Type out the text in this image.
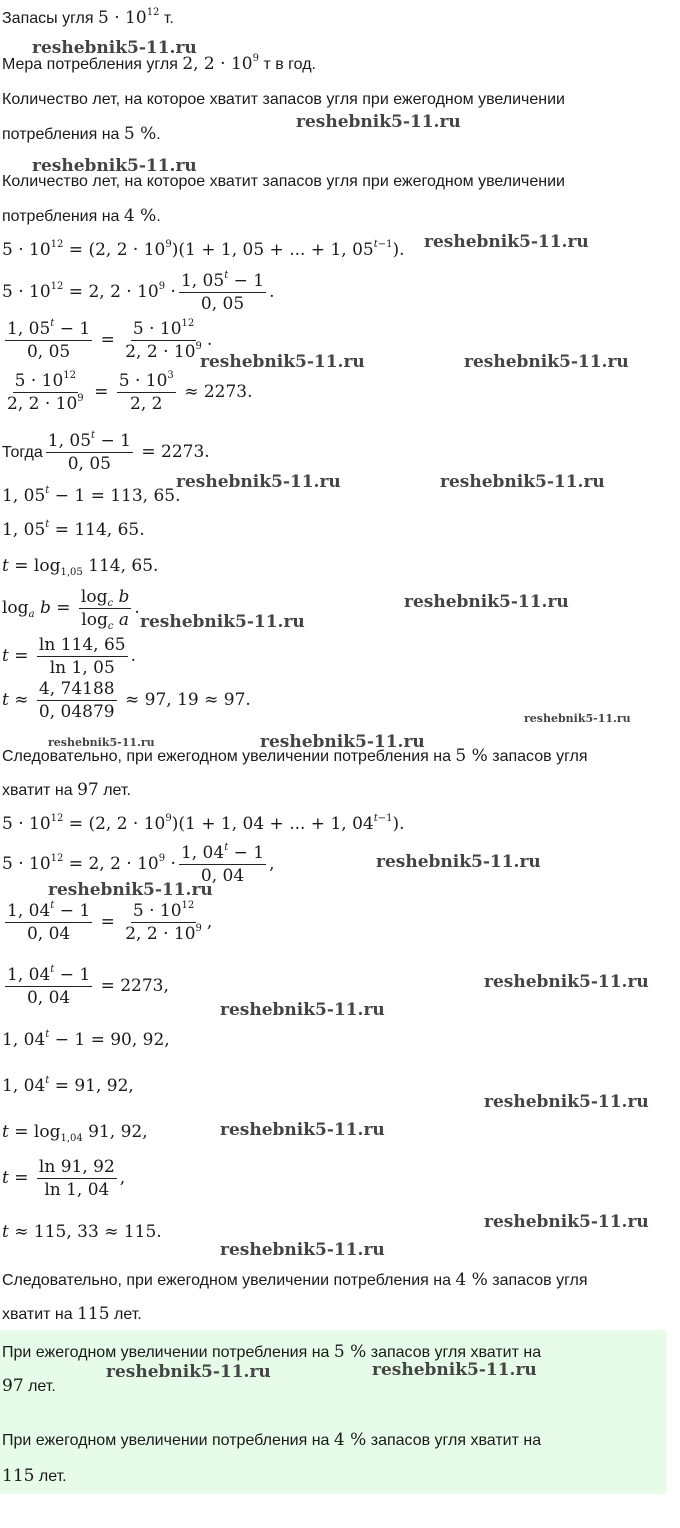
Запасы угля $5 \cdot 10^{12}$ т.
Мера потребления угля 2, $2 \cdot 10^9$ т в год.
Количество лет, на которое хватит запасов угля при ежегодном увеличении
потребления на 5 %.
Количество лет, на которое хватит запасов угля при ежегодном увеличении
потребления на 4 %.
$5 \cdot 10^{12} = (2$, $2 \cdot 10^9)(1 + 1$, 05 + ... + 1, $05^{t-1}$).
$5 \cdot 10^{12} = 2$, $2 \cdot 10^9 \cdot \frac{1, 05^t - 1}{0, 05}$ .
$\frac{1, 05^t - 1}{0, 05} = \frac{5 \cdot 10^{12}}{2, 2 \cdot 10^9}$ .
$\frac{5 \cdot 10^{12}}{2, 2 \cdot 10^9} = \frac{5 \cdot 10^3}{2, 2} \approx 2273$.
Тогда $\frac{1, 05^t - 1}{0, 05} = 2273$.
1, $05^t - 1 = 113$, 65.
1, $05^t = 114$, 65.
$t = \log_{1,05} 114$, 65.
$\log_a b = \frac{\log_c b}{\log_c a}$ .
$t = \frac{\ln 114, 65}{\ln 1, 05}$ .
$t \approx \frac{4, 74188}{0, 04879} \approx 97$, 19 ≈ 97.
Следовательно, при ежегодном увеличении потребления на 5 % запасов угля
хватит на 97 лет.
$5 \cdot 10^{12} = (2$, $2 \cdot 10^9)(1 + 1$, 04 + ... + 1, $04^{t-1}$).
$5 \cdot 10^{12} = 2$, $2 \cdot 10^9 \cdot \frac{1, 04^t - 1}{0, 04}$ ,
$\frac{1, 04^t - 1}{0, 04} = \frac{5 \cdot 10^{12}}{2, 2 \cdot 10^9}$ ,
$\frac{1, 04^t - 1}{0, 04} = 2273$,
1, $04^t - 1 = 90$, 92,
1, $04^t = 91$, 92,
$t = \log_{1,04} 91$, 92,
$t = \frac{\ln 91, 92}{\ln 1, 04}$ ,
t ≈ 115, 33 ≈ 115.
Следовательно, при ежегодном увеличении потребления на 4 % запасов угля
хватит на 115 лет.
При ежегодном увеличении потребления на 5 % запасов угля хватит на
97 лет.
При ежегодном увеличении потребления на 4 % запасов угля хватит на
115 лет.
reshebnik5-11.ru
reshebnik5-11.ru
reshebnik5-11.ru
reshebnik5-11.ru
reshebnik5-11.ru	reshebnik5-11.ru
reshebnik5-11.ru	reshebnik5-11.ru
reshebnik5-11.ru
reshebnik5-11.ru
reshebnik5-11.ru
reshebnik5-11.ru	reshebnik5-11.ru
reshebnik5-11.ru
reshebnik5-11.ru
reshebnik5-11.ru
reshebnik5-11.ru
reshebnik5-11.ru
reshebnik5-11.ru
reshebnik5-11.ru
reshebnik5-11.ru
reshebnik5-11.ru	reshebnik5-11.ru
